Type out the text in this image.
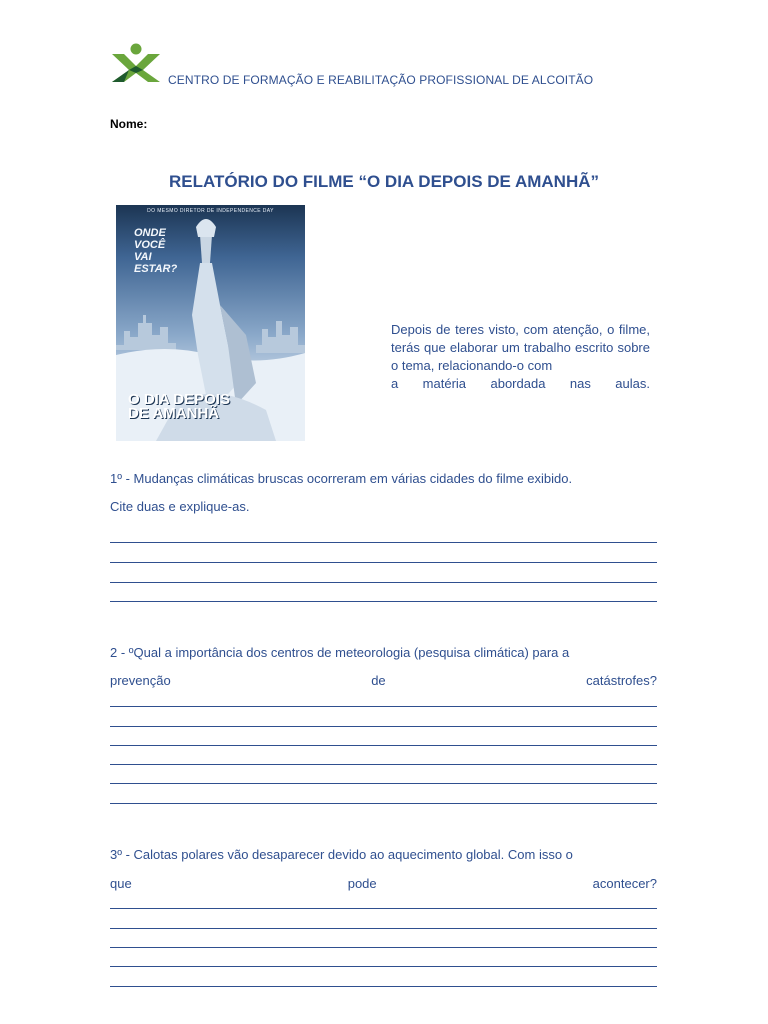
CENTRO DE FORMAÇÃO E REABILITAÇÃO PROFISSIONAL DE ALCOITÃO
Nome:
RELATÓRIO DO FILME “O DIA DEPOIS DE AMANHÃ”
DO MESMO DIRETOR DE INDEPENDENCE DAY
ONDE
VOCÊ
VAI
ESTAR?
O DIA DEPOIS
DE AMANHÃ
Depois de teres visto, com atenção, o filme, terás que elaborar um trabalho escrito sobre o tema, relacionando-o com
a matéria abordada nas aulas.
1º - Mudanças climáticas bruscas ocorreram em várias cidades do filme exibido.
Cite duas e explique-as.
2 - ºQual a importância dos centros de meteorologia (pesquisa climática) para a
prevenção	de	catástrofes?
3º - Calotas polares vão desaparecer devido ao aquecimento global. Com isso o
que	pode	acontecer?
